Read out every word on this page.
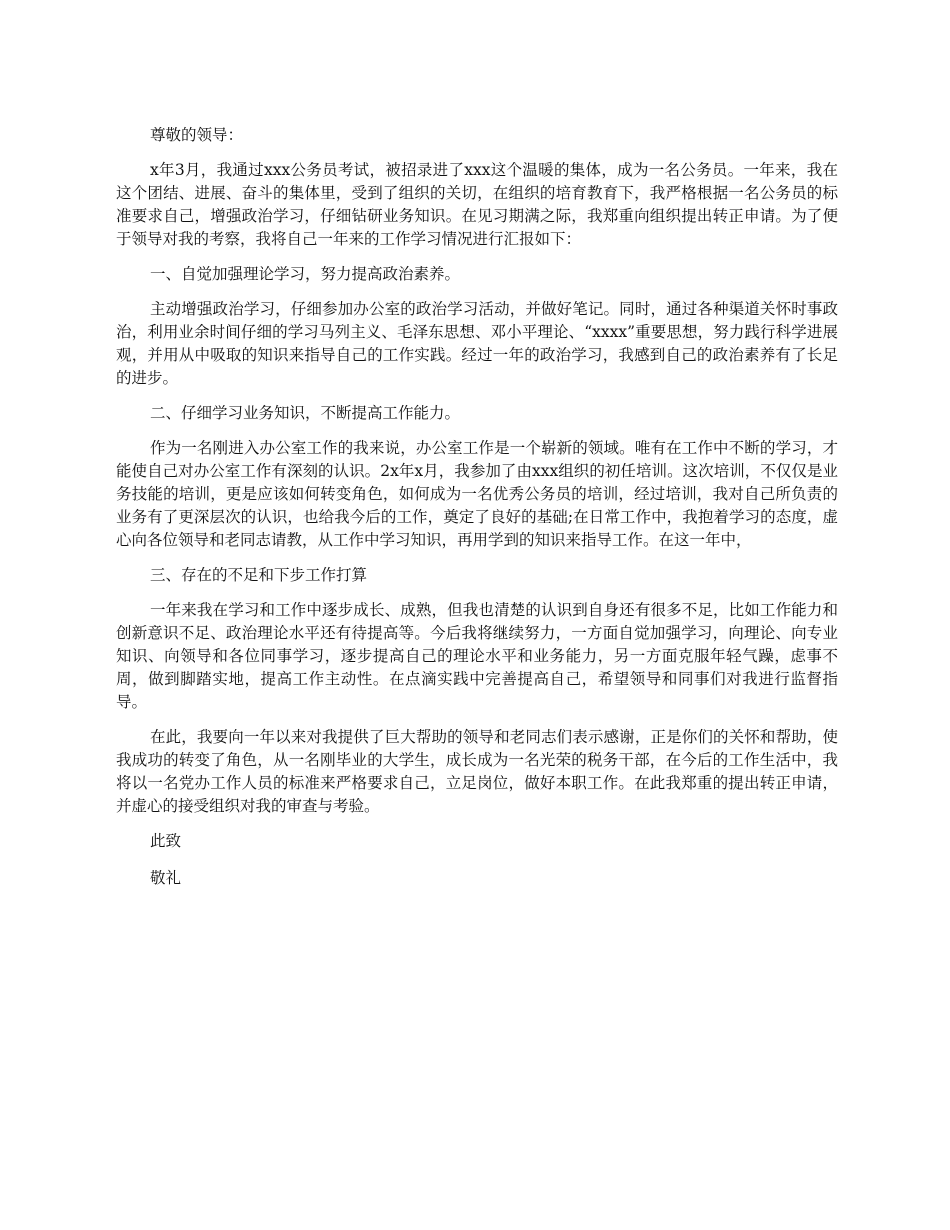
尊敬的领导：

x年3月，我通过xxx公务员考试，被招录进了xxx这个温暖的集体，成为一名公务员。一年来，我在这个团结、进展、奋斗的集体里，受到了组织的关切，在组织的培育教育下，我严格根据一名公务员的标准要求自己，增强政治学习，仔细钻研业务知识。在见习期满之际，我郑重向组织提出转正申请。为了便于领导对我的考察，我将自己一年来的工作学习情况进行汇报如下：

一、自觉加强理论学习，努力提高政治素养。

主动增强政治学习，仔细参加办公室的政治学习活动，并做好笔记。同时，通过各种渠道关怀时事政治，利用业余时间仔细的学习马列主义、毛泽东思想、邓小平理论、“xxxx”重要思想，努力践行科学进展观，并用从中吸取的知识来指导自己的工作实践。经过一年的政治学习，我感到自己的政治素养有了长足的进步。

二、仔细学习业务知识，不断提高工作能力。

作为一名刚进入办公室工作的我来说，办公室工作是一个崭新的领域。唯有在工作中不断的学习，才能使自己对办公室工作有深刻的认识。2x年x月，我参加了由xxx组织的初任培训。这次培训，不仅仅是业务技能的培训，更是应该如何转变角色，如何成为一名优秀公务员的培训，经过培训，我对自己所负责的业务有了更深层次的认识，也给我今后的工作，奠定了良好的基础;在日常工作中，我抱着学习的态度，虚心向各位领导和老同志请教，从工作中学习知识，再用学到的知识来指导工作。在这一年中，

三、存在的不足和下步工作打算

一年来我在学习和工作中逐步成长、成熟，但我也清楚的认识到自身还有很多不足，比如工作能力和创新意识不足、政治理论水平还有待提高等。今后我将继续努力，一方面自觉加强学习，向理论、向专业知识、向领导和各位同事学习，逐步提高自己的理论水平和业务能力，另一方面克服年轻气躁，虑事不周，做到脚踏实地，提高工作主动性。在点滴实践中完善提高自己，希望领导和同事们对我进行监督指导。

在此，我要向一年以来对我提供了巨大帮助的领导和老同志们表示感谢，正是你们的关怀和帮助，使我成功的转变了角色，从一名刚毕业的大学生，成长成为一名光荣的税务干部，在今后的工作生活中，我将以一名党办工作人员的标准来严格要求自己，立足岗位，做好本职工作。在此我郑重的提出转正申请，并虚心的接受组织对我的审查与考验。

此致

敬礼
